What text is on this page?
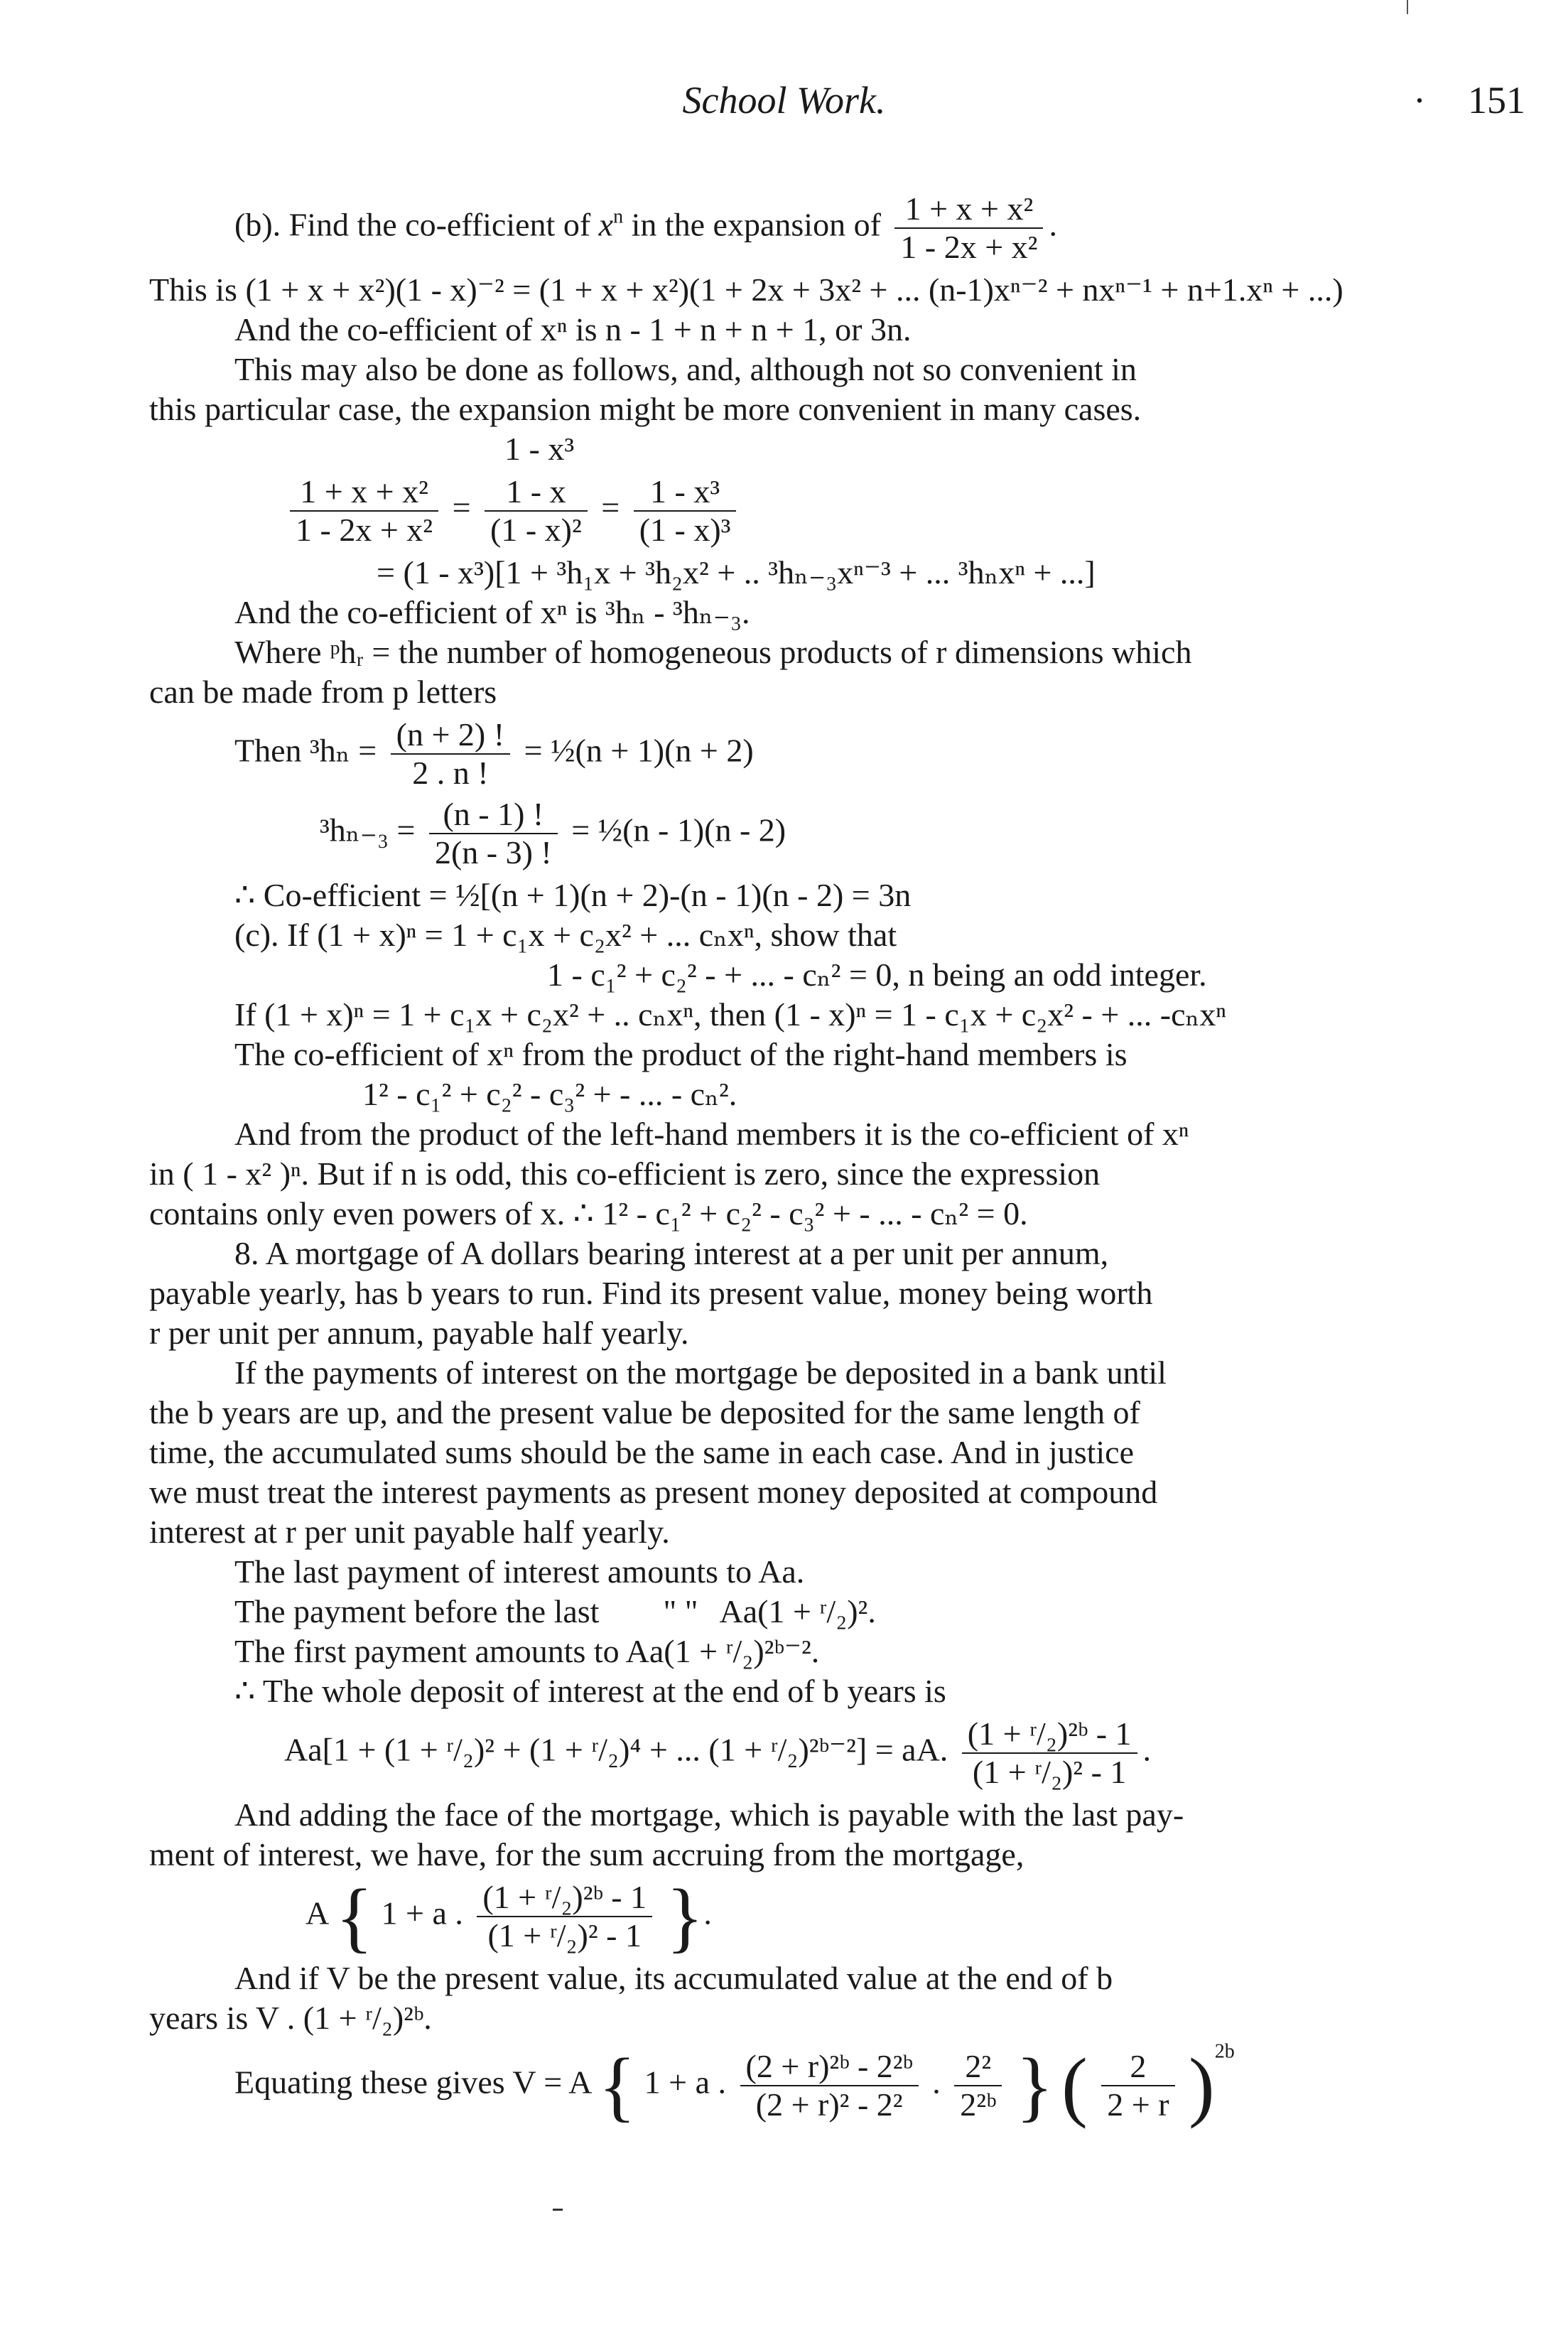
School Work.	· 151
(b). Find the co-efficient of $x^n$ in the expansion of $\frac{\text{1 + x + x²}}{\text{1 - 2x + x²}}$ .
This is (1 + x + x²)(1 - x)⁻² = (1 + x + x²)(1 + 2x + 3x² + ... (n-1)xⁿ⁻² + nxⁿ⁻¹ + n+1.xⁿ + ...)
And the co-efficient of xⁿ is n - 1 + n + n + 1, or 3n.
This may also be done as follows, and, although not so convenient in
this particular case, the expansion might be more convenient in many cases.
1 - x³
$\frac{\text{1 + x + x²}}{\text{1 - 2x + x²}} = \frac{1 - x}{\text{(1 - x)²}} = \frac{\text{1 - x³}}{\text{(1 - x)³}}$
= (1 - x³)[1 + ³h₁x + ³h₂x² + .. ³hₙ₋₃xⁿ⁻³ + ... ³hₙxⁿ + ...]
And the co-efficient of xⁿ is ³hₙ - ³hₙ₋₃.
Where ᵖhᵣ = the number of homogeneous products of r dimensions which
can be made from p letters
Then $^3h_n = \frac{(n + 2) !}{2 . n !}$ = ½(n + 1)(n + 2)
$^3h_{n-3} = \frac{(n - 1) !}{2(n - 3) !}$ = ½(n - 1)(n - 2)
∴ Co-efficient = ½[(n + 1)(n + 2)-(n - 1)(n - 2) = 3n
(c). If (1 + x)ⁿ = 1 + c₁x + c₂x² + ... cₙxⁿ, show that
1 - c₁² + c₂² - + ... - cₙ² = 0, n being an odd integer.
If (1 + x)ⁿ = 1 + c₁x + c₂x² + .. cₙxⁿ, then (1 - x)ⁿ = 1 - c₁x + c₂x² - + ... -cₙxⁿ
The co-efficient of xⁿ from the product of the right-hand members is
1² - c₁² + c₂² - c₃² + - ... - cₙ².
And from the product of the left-hand members it is the co-efficient of xⁿ
in ( 1 - x² )ⁿ. But if n is odd, this co-efficient is zero, since the expression
contains only even powers of x. ∴ 1² - c₁² + c₂² - c₃² + - ... - cₙ² = 0.
8. A mortgage of A dollars bearing interest at a per unit per annum,
payable yearly, has b years to run. Find its present value, money being worth
r per unit per annum, payable half yearly.
If the payments of interest on the mortgage be deposited in a bank until
the b years are up, and the present value be deposited for the same length of
time, the accumulated sums should be the same in each case. And in justice
we must treat the interest payments as present money deposited at compound
interest at r per unit payable half yearly.
The last payment of interest amounts to Aa.
The payment before the last " " Aa(1 + ʳ/₂)².
The first payment amounts to Aa(1 + ʳ/₂)²ᵇ⁻².
∴ The whole deposit of interest at the end of b years is
Aa[1 + (1 + ʳ/₂)² + (1 + ʳ/₂)⁴ + ... (1 + ʳ/₂)²ᵇ⁻²] = aA. $\frac{\text{(1 + ʳ/₂)²ᵇ - 1}}{\text{(1 + ʳ/₂)² - 1}}$ .
And adding the face of the mortgage, which is payable with the last pay-
ment of interest, we have, for the sum accruing from the mortgage,
A { 1 + a . $\frac{\text{(1 + ʳ/₂)²ᵇ - 1}}{\text{(1 + ʳ/₂)² - 1}}$ }.
And if V be the present value, its accumulated value at the end of b
years is V . (1 + ʳ/₂)²ᵇ.
Equating these gives V = A { 1 + a . $\frac{\text{(2 + r)²ᵇ - 2²ᵇ}}{\text{(2 + r)² - 2²}}$ . $\frac{\text{2²}}{\text{2²ᵇ}}$ } ( $\frac{2}{2 + r} )^{2b}$
